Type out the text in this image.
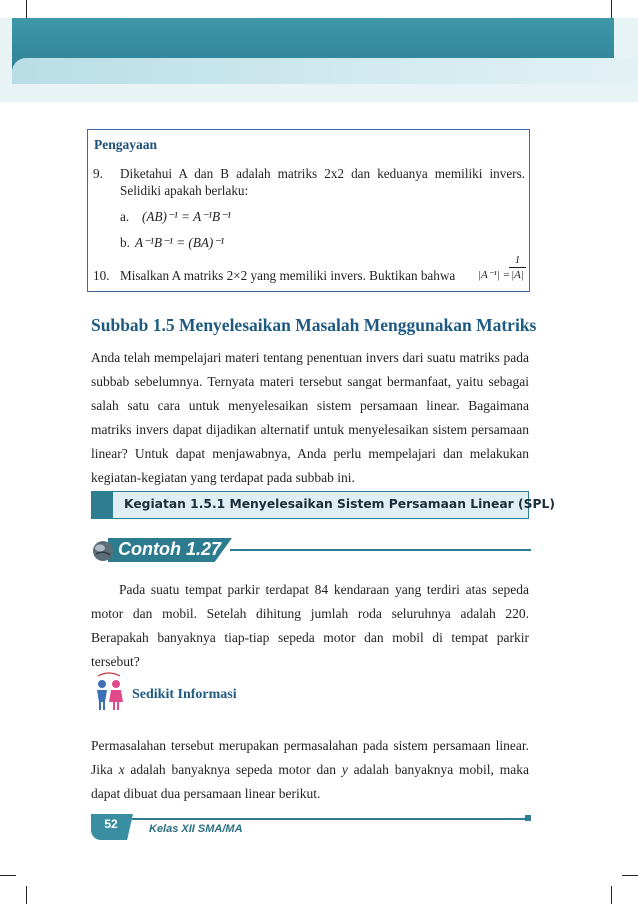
Pengayaan
9. Diketahui A dan B adalah matriks 2x2 dan keduanya memiliki invers.
Selidiki apakah berlaku:
a. (AB)⁻¹ = A⁻¹B⁻¹
b. A⁻¹B⁻¹ = (BA)⁻¹
10. Misalkan A matriks 2×2 yang memiliki invers. Buktikan bahwa |A⁻¹| =
1
|A|
Subbab 1.5 Menyelesaikan Masalah Menggunakan Matriks
Anda telah mempelajari materi tentang penentuan invers dari suatu matriks pada subbab sebelumnya. Ternyata materi tersebut sangat bermanfaat, yaitu sebagai salah satu cara untuk menyelesaikan sistem persamaan linear. Bagaimana matriks invers dapat dijadikan alternatif untuk menyelesaikan sistem persamaan linear? Untuk dapat menjawabnya, Anda perlu mempelajari dan melakukan kegiatan-kegiatan yang terdapat pada subbab ini.
Kegiatan 1.5.1 Menyelesaikan Sistem Persamaan Linear (SPL)
Contoh 1.27
Pada suatu tempat parkir terdapat 84 kendaraan yang terdiri atas sepeda motor dan mobil. Setelah dihitung jumlah roda seluruhnya adalah 220. Berapakah banyaknya tiap-tiap sepeda motor dan mobil di tempat parkir tersebut?
Sedikit Informasi
Permasalahan tersebut merupakan permasalahan pada sistem persamaan linear. Jika x adalah banyaknya sepeda motor dan y adalah banyaknya mobil, maka dapat dibuat dua persamaan linear berikut.
52	Kelas XII SMA/MA
